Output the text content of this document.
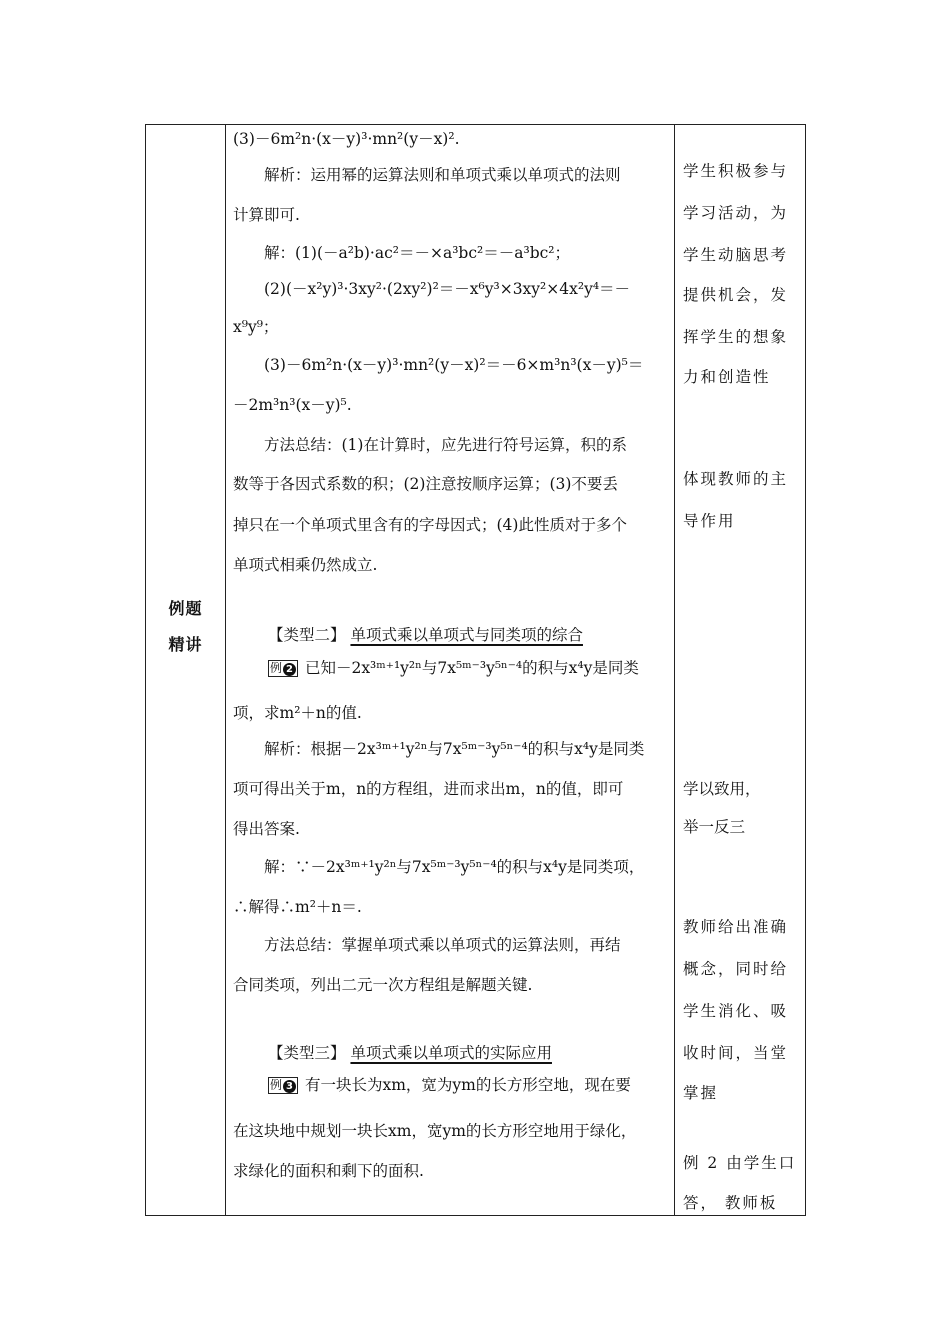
例题
精讲
(3)－6m²n·(x－y)³·mn²(y－x)².
　　解析：运用幂的运算法则和单项式乘以单项式的法则
计算即可.
　　解：(1)(－a²b)·ac²＝－×a³bc²＝－a³bc²；
　　(2)(－x²y)³·3xy²·(2xy²)²＝－x⁶y³×3xy²×4x²y⁴＝－
x⁹y⁹；
　　(3)－6m²n·(x－y)³·mn²(y－x)²＝－6×m³n³(x－y)⁵＝
－2m³n³(x－y)⁵.
　　方法总结：(1)在计算时，应先进行符号运算，积的系
数等于各因式系数的积；(2)注意按顺序运算；(3)不要丢
掉只在一个单项式里含有的字母因式；(4)此性质对于多个
单项式相乘仍然成立.
【类型二】 单项式乘以单项式与同类项的综合
例 2 已知－2x³ᵐ⁺¹y²ⁿ与7x⁵ᵐ⁻³y⁵ⁿ⁻⁴的积与x⁴y是同类
项，求m²＋n的值.
　　解析：根据－2x³ᵐ⁺¹y²ⁿ与7x⁵ᵐ⁻³y⁵ⁿ⁻⁴的积与x⁴y是同类
项可得出关于m，n的方程组，进而求出m，n的值，即可
得出答案.
　　解：∵－2x³ᵐ⁺¹y²ⁿ与7x⁵ᵐ⁻³y⁵ⁿ⁻⁴的积与x⁴y是同类项，
∴解得∴m²＋n＝.
　　方法总结：掌握单项式乘以单项式的运算法则，再结
合同类项，列出二元一次方程组是解题关键.
【类型三】 单项式乘以单项式的实际应用
例 3 有一块长为xm，宽为ym的长方形空地，现在要
在这块地中规划一块长xm，宽ym的长方形空地用于绿化，
求绿化的面积和剩下的面积.
学生积极参与
学习活动，为
学生动脑思考
提供机会，发
挥学生的想象
力和创造性
体现教师的主
导作用
学以致用，
举一反三
教师给出准确
概念，同时给
学生消化、吸
收时间，当堂
掌握
例 2 由学生口
答， 教师板
